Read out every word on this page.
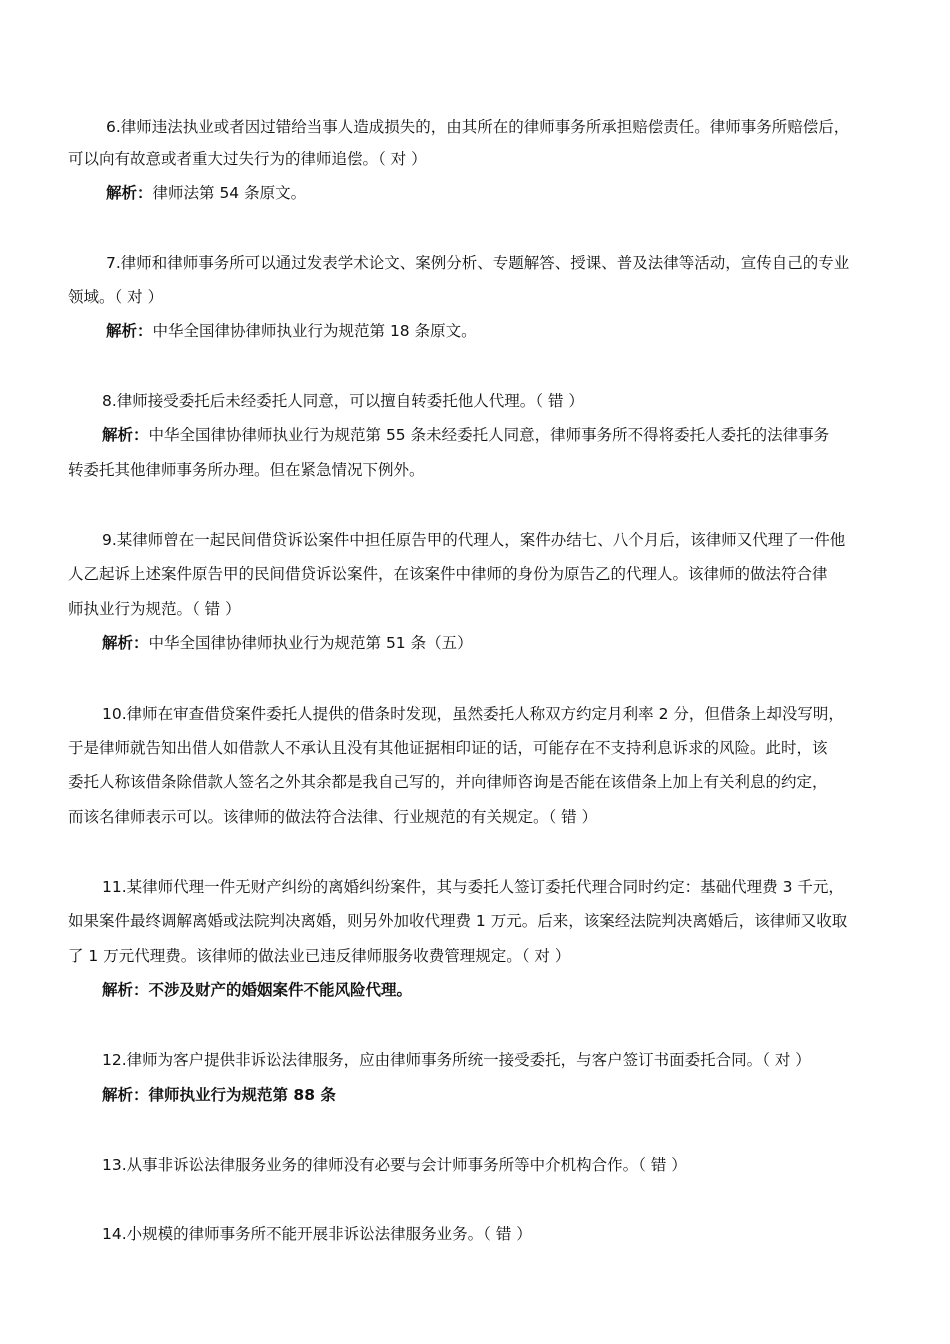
6.律师违法执业或者因过错给当事人造成损失的，由其所在的律师事务所承担赔偿责任。律师事务所赔偿后，

可以向有故意或者重大过失行为的律师追偿。（ 对 ）

解析：律师法第 54 条原文。

7.律师和律师事务所可以通过发表学术论文、案例分析、专题解答、授课、普及法律等活动，宣传自己的专业

领域。（ 对 ）

解析：中华全国律协律师执业行为规范第 18 条原文。

8.律师接受委托后未经委托人同意，可以擅自转委托他人代理。（ 错 ）

解析：中华全国律协律师执业行为规范第 55 条未经委托人同意，律师事务所不得将委托人委托的法律事务

转委托其他律师事务所办理。但在紧急情况下例外。

9.某律师曾在一起民间借贷诉讼案件中担任原告甲的代理人，案件办结七、八个月后，该律师又代理了一件他

人乙起诉上述案件原告甲的民间借贷诉讼案件，在该案件中律师的身份为原告乙的代理人。该律师的做法符合律

师执业行为规范。（ 错 ）

解析：中华全国律协律师执业行为规范第 51 条（五）

10.律师在审查借贷案件委托人提供的借条时发现，虽然委托人称双方约定月利率 2 分，但借条上却没写明，

于是律师就告知出借人如借款人不承认且没有其他证据相印证的话，可能存在不支持利息诉求的风险。此时，该

委托人称该借条除借款人签名之外其余都是我自己写的，并向律师咨询是否能在该借条上加上有关利息的约定，

而该名律师表示可以。该律师的做法符合法律、行业规范的有关规定。（ 错 ）

11.某律师代理一件无财产纠纷的离婚纠纷案件，其与委托人签订委托代理合同时约定：基础代理费 3 千元，

如果案件最终调解离婚或法院判决离婚，则另外加收代理费 1 万元。后来，该案经法院判决离婚后，该律师又收取

了 1 万元代理费。该律师的做法业已违反律师服务收费管理规定。（ 对 ）

解析：不涉及财产的婚姻案件不能风险代理。

12.律师为客户提供非诉讼法律服务，应由律师事务所统一接受委托，与客户签订书面委托合同。（ 对 ）

解析：律师执业行为规范第 88 条

13.从事非诉讼法律服务业务的律师没有必要与会计师事务所等中介机构合作。（ 错 ）

14.小规模的律师事务所不能开展非诉讼法律服务业务。（ 错 ）
